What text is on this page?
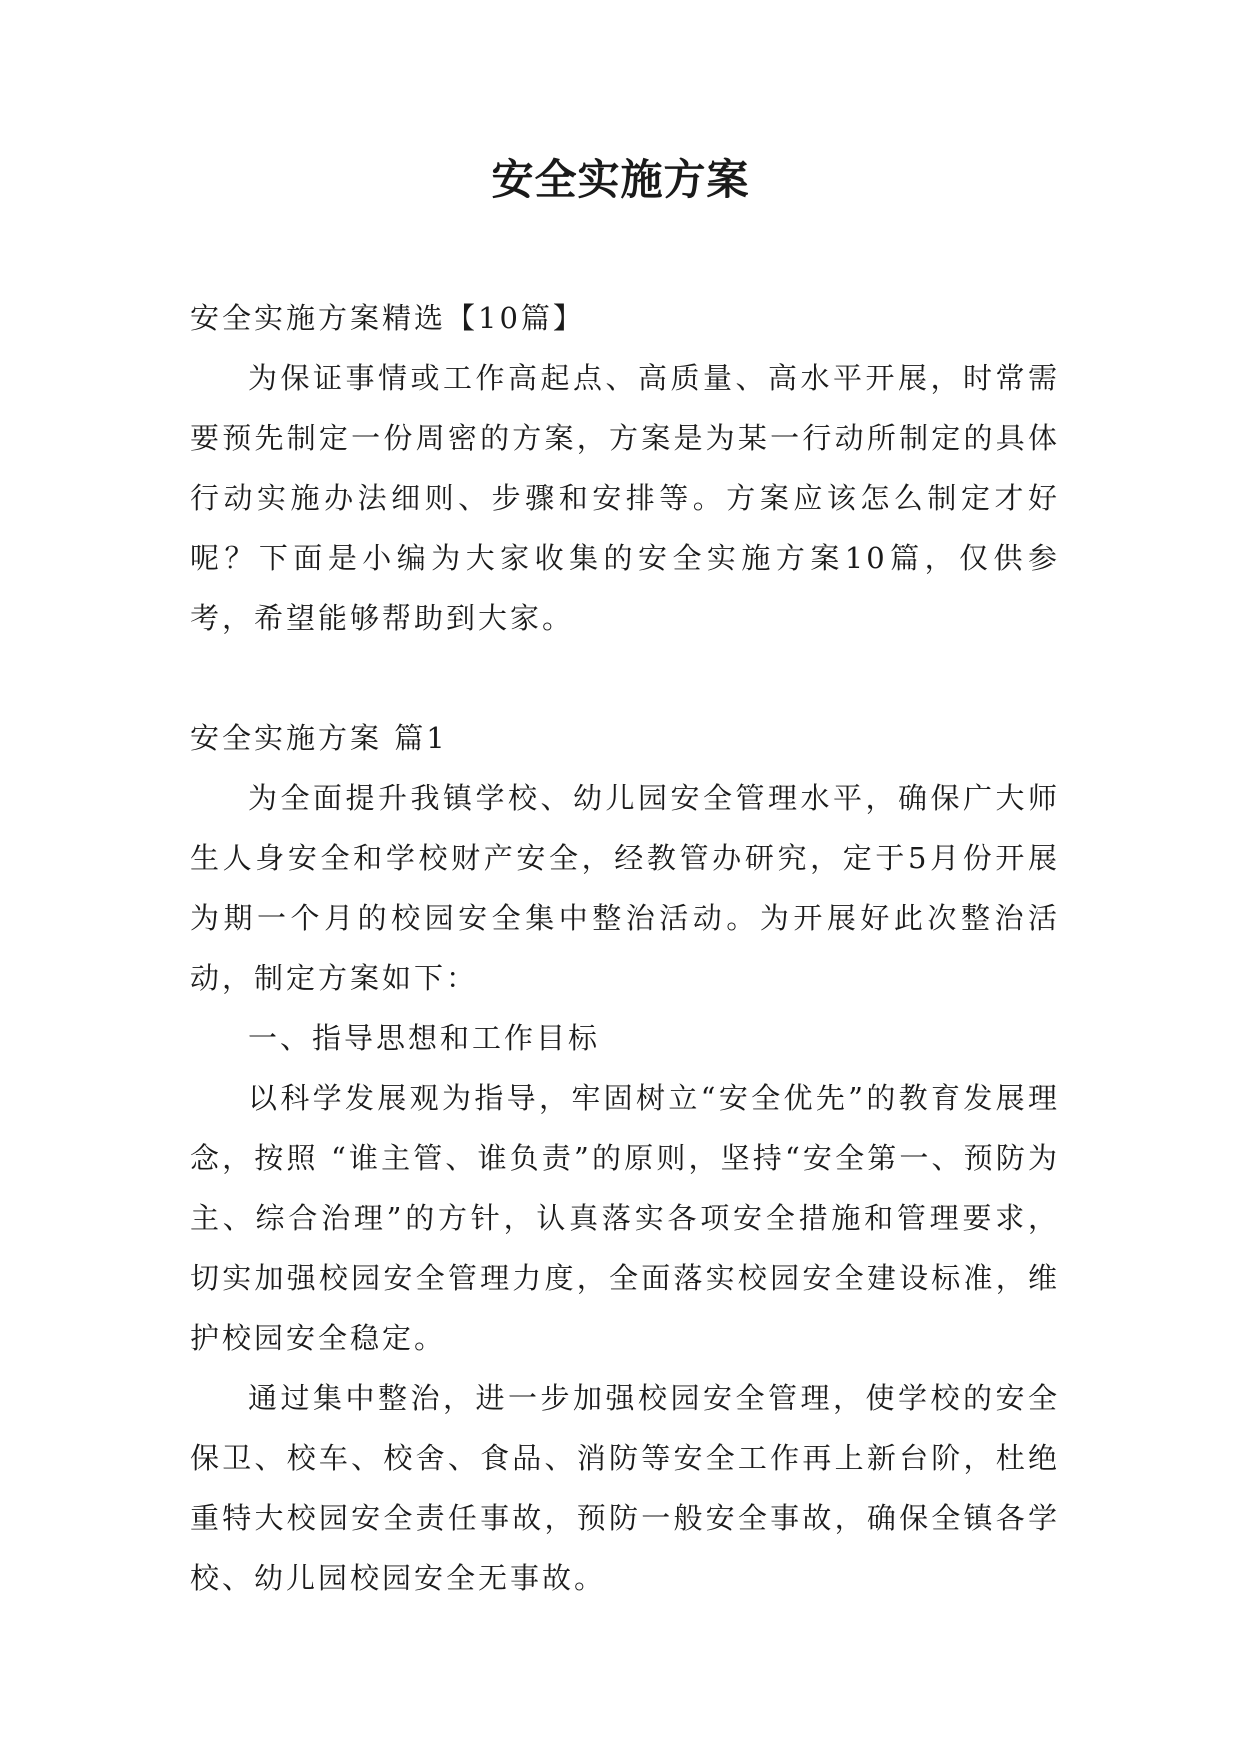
安全实施方案

安全实施方案精选【10篇】

为保证事情或工作高起点、高质量、高水平开展，时常需要预先制定一份周密的方案，方案是为某一行动所制定的具体行动实施办法细则、步骤和安排等。方案应该怎么制定才好呢？下面是小编为大家收集的安全实施方案10篇，仅供参考，希望能够帮助到大家。

安全实施方案 篇1

为全面提升我镇学校、幼儿园安全管理水平，确保广大师生人身安全和学校财产安全，经教管办研究，定于5月份开展为期一个月的校园安全集中整治活动。为开展好此次整治活动，制定方案如下：

一、指导思想和工作目标

以科学发展观为指导，牢固树立“安全优先”的教育发展理念，按照 “谁主管、谁负责”的原则，坚持“安全第一、预防为主、综合治理”的方针，认真落实各项安全措施和管理要求，切实加强校园安全管理力度，全面落实校园安全建设标准，维护校园安全稳定。

通过集中整治，进一步加强校园安全管理，使学校的安全保卫、校车、校舍、食品、消防等安全工作再上新台阶，杜绝重特大校园安全责任事故，预防一般安全事故，确保全镇各学校、幼儿园校园安全无事故。
